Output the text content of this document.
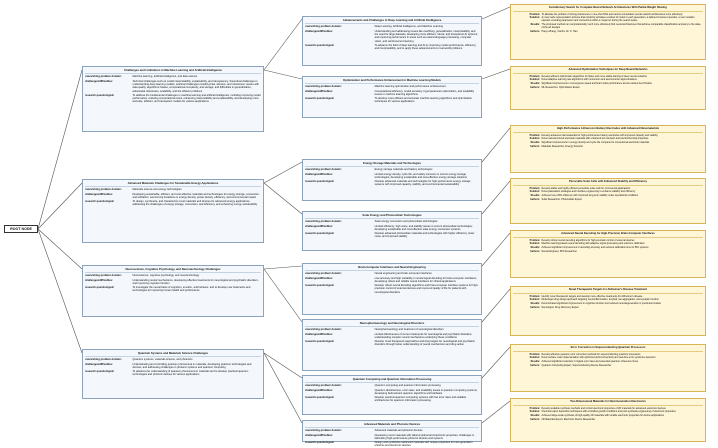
ROOT NODE
Challenges and Limitations in Machine Learning and Artificial Intelligence
overarching problem domain:	Machine learning, artificial intelligence, and data science
challenges/difficulties:	Technical challenges such as model interpretability, explainability, and transparency; theoretical challenges in understanding deep learning models; practical challenges including bias, fairness, and robustness; issues with data quality, algorithmic biases, computational complexity, and storage; and difficulties in generalization, adversarial robustness, scalability, and the efficient problems
research question/goal:	To address the fundamental challenges in machine learning and artificial intelligence, including improving model performance, reducing computational costs, enhancing interpretability and explainability, and developing more accurate, efficient, and transparent models for various applications
Advancements and Challenges in Deep Learning and Artificial Intelligence
overarching problem domain:	Deep Learning, Artificial Intelligence, and Machine Learning
challenges/difficulties:	Understanding and addressing issues like overfitting, generalization, interpretability, and the need for large datasets; developing more efficient, robust, and transparent AI systems; and improving performance in areas such as natural language processing, computer vision, and reinforcement learning
research question/goal:	To advance the field of deep learning and AI by improving model performance, efficiency, and interpretability, and to apply these advancements to real-world problems
Evolutionary Search for Complete Neural Network Architectures With Partial Weight Sharing
Problem: To alleviate the problem of strong interference in one-shot NAS and narrow computation neural network architectures more effectively
Solution: A novel node representation scheme that randomly activates a subset of nodes in each generation, a tailored crossover operator, a new mutation operator encoding parameters and connections within a 'supernet' during the search space
Results: The proposed method can computationally much more effectively find neural architectures that achieve comparable classification accuracy to the state-of-the-art designs
Authors: Haoyu Zhang, Yaochu Jin, K. Hao
Optimization and Performance Enhancement in Machine Learning Models
overarching problem domain:	Machine learning optimization and performance enhancement
challenges/difficulties:	Computational efficiency, model accuracy, hyperparameter optimization, and scalability issues in machine learning algorithms
research question/goal:	To develop more efficient and accurate machine learning algorithms and optimization techniques for various applications
Advanced Optimization Techniques for Deep Neural Networks
Problem: Develop efficient optimization algorithms for faster and more stable training of deep neural networks
Solution: Novel adaptive learning rate algorithms with momentum and second-order approximations
Results: Significant improvement in convergence speed and final model performance across various benchmarks
Authors: ML Researcher, Optimization Expert
Advanced Materials Challenges for Sustainable Energy Applications
overarching problem domain:	Materials science and energy technologies
challenges/difficulties:	Developing sustainable, efficient, and cost-effective materials and technologies for energy storage, conversion, and utilization; overcoming limitations in energy density, power density, efficiency, and environmental impact
research question/goal:	To design, synthesize, and characterize novel materials and devices for advanced energy applications, addressing the challenges of energy storage, conversion, and efficiency, and enhancing energy sustainability
Energy Storage Materials and Technologies
overarching problem domain:	Energy storage materials and battery technologies
challenges/difficulties:	Limited energy density, cycle life, and safety concerns in current energy storage technologies; developing sustainable and cost-effective energy storage solutions
research question/goal:	Develop advanced materials and technologies for high-performance energy storage systems with improved capacity, stability, and environmental sustainability
High-Performance Lithium-Ion Battery Electrodes with Advanced Nanomaterials
Problem: Develop advanced nanomaterials for high-performance battery electrodes with improved capacity and stability
Solution: Novel nanostructured electrode materials with enhanced ion transport and electrochemical properties
Results: Significant improvement in energy density and cycle life compared to conventional electrode materials
Authors: Materials Researcher, Energy Scientist
Solar Energy and Photovoltaic Technologies
overarching problem domain:	Solar energy conversion and photovoltaic technologies
challenges/difficulties:	Limited efficiency, high costs, and stability issues in current photovoltaic technologies; developing sustainable and cost-effective solar energy conversion systems
research question/goal:	Develop advanced photovoltaic materials and technologies with higher efficiency, lower costs, and improved stability
Perovskite Solar Cells with Enhanced Stability and Efficiency
Problem: Develop stable and highly efficient perovskite solar cells for commercial applications
Solution: Novel passivation strategies and interface engineering to enhance stability and efficiency
Results: Achieved over 25% efficiency with improved long-term stability under operational conditions
Authors: Solar Researcher, Photovoltaic Expert
Neuroscience, Cognitive Psychology, and Neurotechnology Challenges
overarching problem domain:	Neuroscience, cognitive psychology, and neurotechnology
challenges/difficulties:	Understanding neural mechanisms, developing effective treatments for neurological and psychiatric disorders, and improving cognitive function
research question/goal:	To investigate the neural basis of cognition, emotion, and behavior, and to develop new treatments and technologies for improving human health and performance
Brain-Computer Interfaces and Neural Engineering
overarching problem domain:	Neural engineering and brain-computer interfaces
challenges/difficulties:	Low accuracy and high variability in neural signal decoding for brain-computer interfaces; developing robust and reliable neural interfaces for clinical applications
research question/goal:	Develop robust neural decoding algorithms and brain-computer interface systems for high-precision control of external devices and improved quality of life for patients with neurological disorders
Advanced Neural Decoding for High-Precision Brain-Computer Interfaces
Problem: Develop robust neural decoding algorithms for high-precision control of external devices
Solution: Machine learning-based neural decoding with adaptive signal processing and real-time calibration
Results: Achieved significant improvement in decoding accuracy and reduced calibration time for BCI systems
Authors: Neural Engineer, BCI Researcher
Neuropharmacology and Neurological Disorders
overarching problem domain:	Neuropharmacology and treatment of neurological disorders
challenges/difficulties:	Limited effectiveness of current treatments for neurological and psychiatric disorders; understanding complex neural mechanisms underlying these conditions
research question/goal:	Develop novel therapeutic approaches and drug targets for neurological and psychiatric disorders through better understanding of neural mechanisms and drug action
Novel Therapeutic Targets for Alzheimer's Disease Treatment
Problem: Identify novel therapeutic targets and develop more effective treatments for Alzheimer's disease
Solution: Multi-target drug design approach targeting neuroinflammation, amyloid, tau aggregation, and synaptic function
Results: Demonstrated significant improvement in cognitive function and reduced neurodegeneration in preclinical models
Authors: Neurologist, Drug Discovery Expert
Quantum Systems and Materials Science Challenges
overarching problem domain:	Quantum systems, materials science, and photonics
challenges/difficulties:	Understanding and controlling quantum phenomena in materials, developing quantum technologies and devices, and addressing challenges in photonic systems and quantum computing
research question/goal:	To advance the understanding of quantum phenomena in materials and to develop practical quantum technologies and photonic devices for various applications
Quantum Computing and Quantum Information Processing
overarching problem domain:	Quantum computing and quantum information processing
challenges/difficulties:	Quantum decoherence, error rates, and scalability issues in quantum computing systems; developing fault-tolerant quantum algorithms and hardware
research question/goal:	Develop practical quantum computing systems with low error rates and scalable architectures for quantum information processing
Error Correction in Superconducting Quantum Processors
Problem: Develop effective quantum error correction methods for superconducting quantum processors
Solution: Novel surface code implementation with optimized qubit connectivity and real-time error syndrome detection
Results: Achieved significant reduction in logical error rates and extended quantum coherence times
Authors: Quantum Computing Expert, Superconducting Device Researcher
Advanced Materials and Photonic Devices
overarching problem domain:	Advanced materials and photonic devices
challenges/difficulties:	Developing novel materials with tailored optical and electronic properties; challenges in fabricating high-performance photonic devices and systems
research question/goal:	Design and synthesize advanced materials with unique properties for next-generation photonic and electronic devices
Two-Dimensional Materials for Next-Generation Electronics
Problem: Develop scalable synthesis methods and control electronic properties of 2D materials for advanced electronic devices
Solution: Chemical vapor deposition techniques with controlled growth conditions and post-synthesis engineering of electronic properties
Results: Achieved large-scale synthesis of high-quality 2D materials with tunable electronic properties for device applications
Authors: 2D Materials Expert, Electronic Device Researcher
